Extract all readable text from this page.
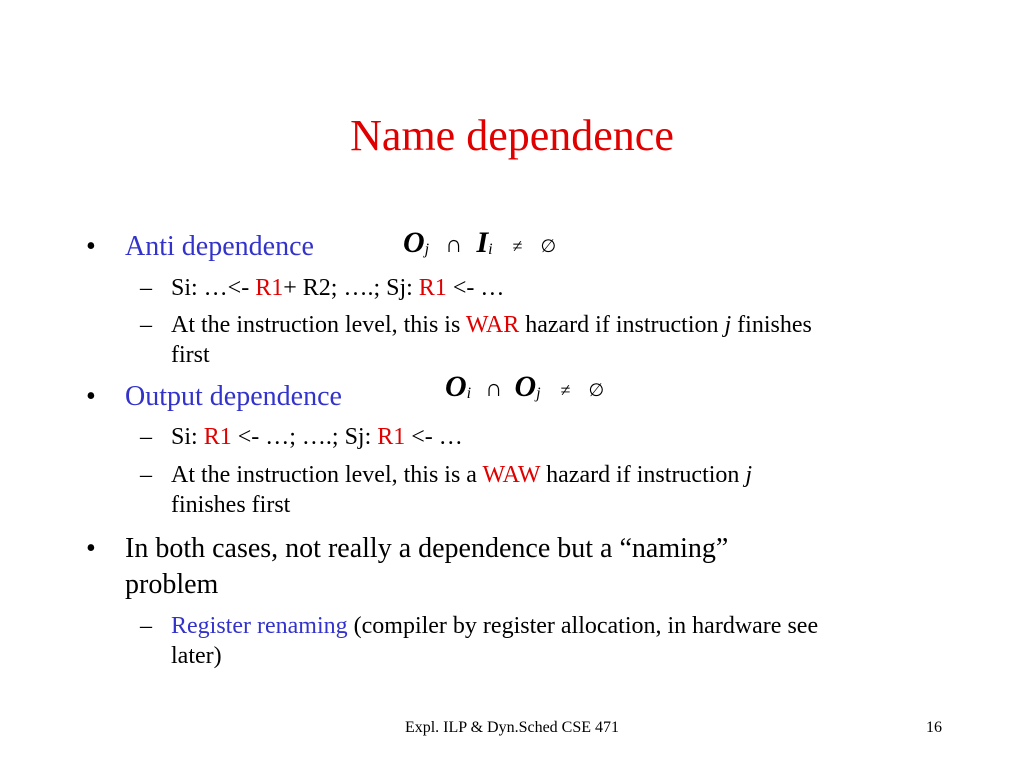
Name dependence
• Anti dependence	Oj ∩ Ii ≠ ∅
– Si: …<- R1+ R2; ….; Sj: R1 <- …
– At the instruction level, this is WAR hazard if instruction j finishes
first
• Output dependence	Oi ∩ Oj ≠ ∅
– Si: R1 <- …; ….; Sj: R1 <- …
– At the instruction level, this is a WAW hazard if instruction j
finishes first
• In both cases, not really a dependence but a “naming”
problem
– Register renaming (compiler by register allocation, in hardware see
later)
Expl. ILP & Dyn.Sched CSE 471	16
